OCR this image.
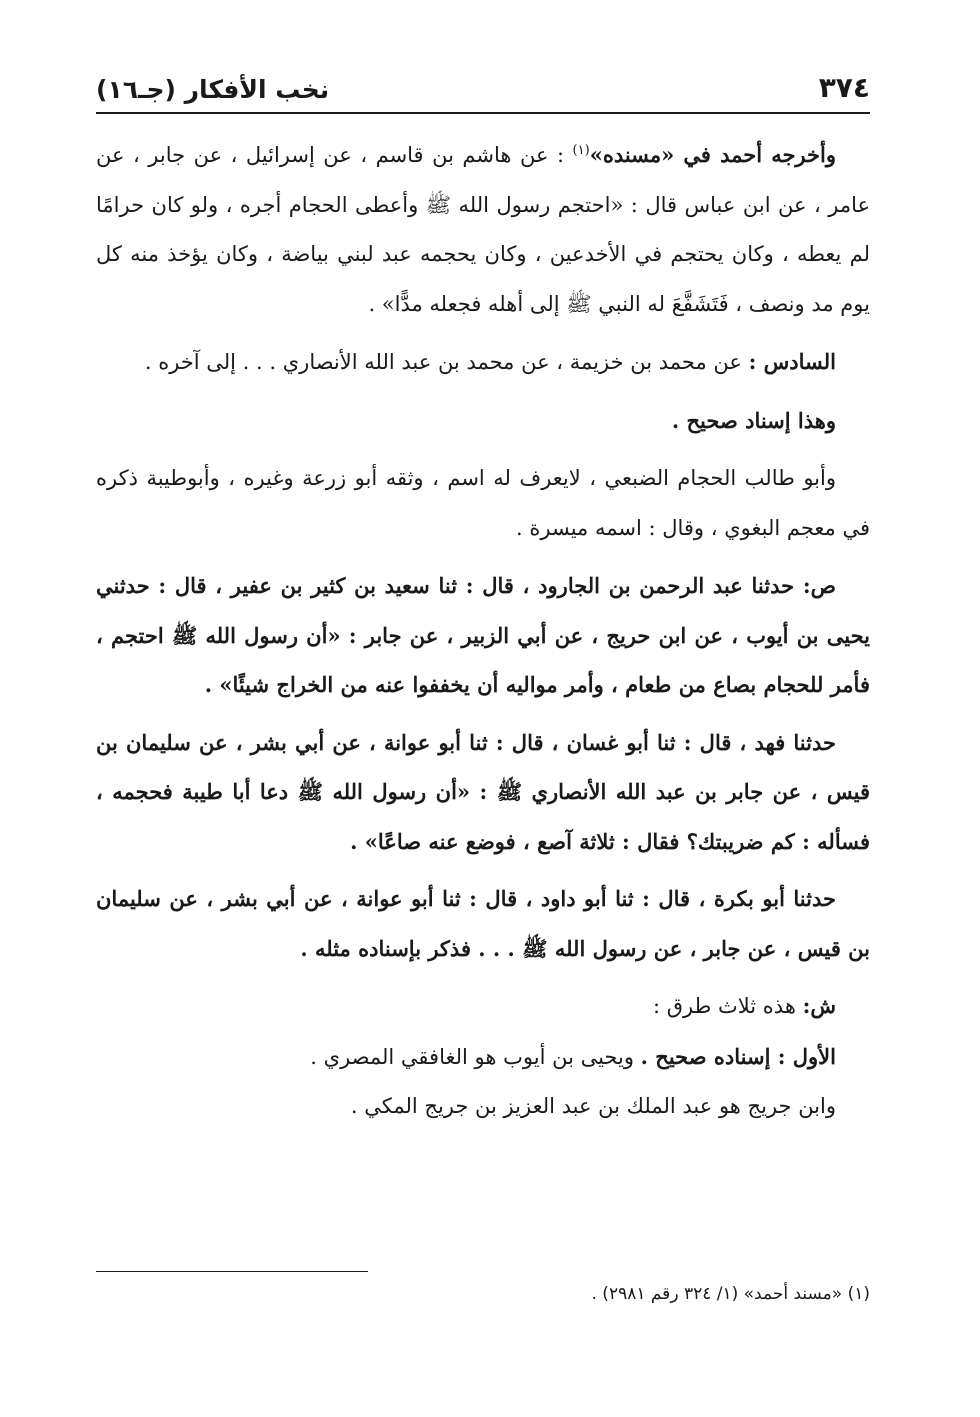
٣٧٤
نخب الأفكار (جـ١٦)

وأخرجه أحمد في «مسنده»$^{(١)}$ : عن هاشم بن قاسم ، عن إسرائيل ، عن جابر ، عن عامر ، عن ابن عباس قال : «احتجم رسول الله ﷺ وأعطى الحجام أجره ، ولو كان حرامًا لم يعطه ، وكان يحتجم في الأخدعين ، وكان يحجمه عبد لبني بياضة ، وكان يؤخذ منه كل يوم مد ونصف ، فَتَشَفَّعَ له النبي ﷺ إلى أهله فجعله مدًّا» .

السادس : عن محمد بن خزيمة ، عن محمد بن عبد الله الأنصاري . . . إلى آخره .

وهذا إسناد صحيح .

وأبو طالب الحجام الضبعي ، لايعرف له اسم ، وثقه أبو زرعة وغيره ، وأبوطيبة ذكره في معجم البغوي ، وقال : اسمه ميسرة .

ص: حدثنا عبد الرحمن بن الجارود ، قال : ثنا سعيد بن كثير بن عفير ، قال : حدثني يحيى بن أيوب ، عن ابن حريج ، عن أبي الزبير ، عن جابر : «أن رسول الله ﷺ احتجم ، فأمر للحجام بصاع من طعام ، وأمر مواليه أن يخففوا عنه من الخراج شيئًا» .

حدثنا فهد ، قال : ثنا أبو غسان ، قال : ثنا أبو عوانة ، عن أبي بشر ، عن سليمان بن قيس ، عن جابر بن عبد الله الأنصاري ﷺ : «أن رسول الله ﷺ دعا أبا طيبة فحجمه ، فسأله : كم ضريبتك؟ فقال : ثلاثة آصع ، فوضع عنه صاعًا» .

حدثنا أبو بكرة ، قال : ثنا أبو داود ، قال : ثنا أبو عوانة ، عن أبي بشر ، عن سليمان بن قيس ، عن جابر ، عن رسول الله ﷺ . . . فذكر بإسناده مثله .

ش: هذه ثلاث طرق :

الأول : إسناده صحيح . ويحيى بن أيوب هو الغافقي المصري .

وابن جريج هو عبد الملك بن عبد العزيز بن جريج المكي .

(١) «مسند أحمد» (١/ ٣٢٤ رقم ٢٩٨١) .
